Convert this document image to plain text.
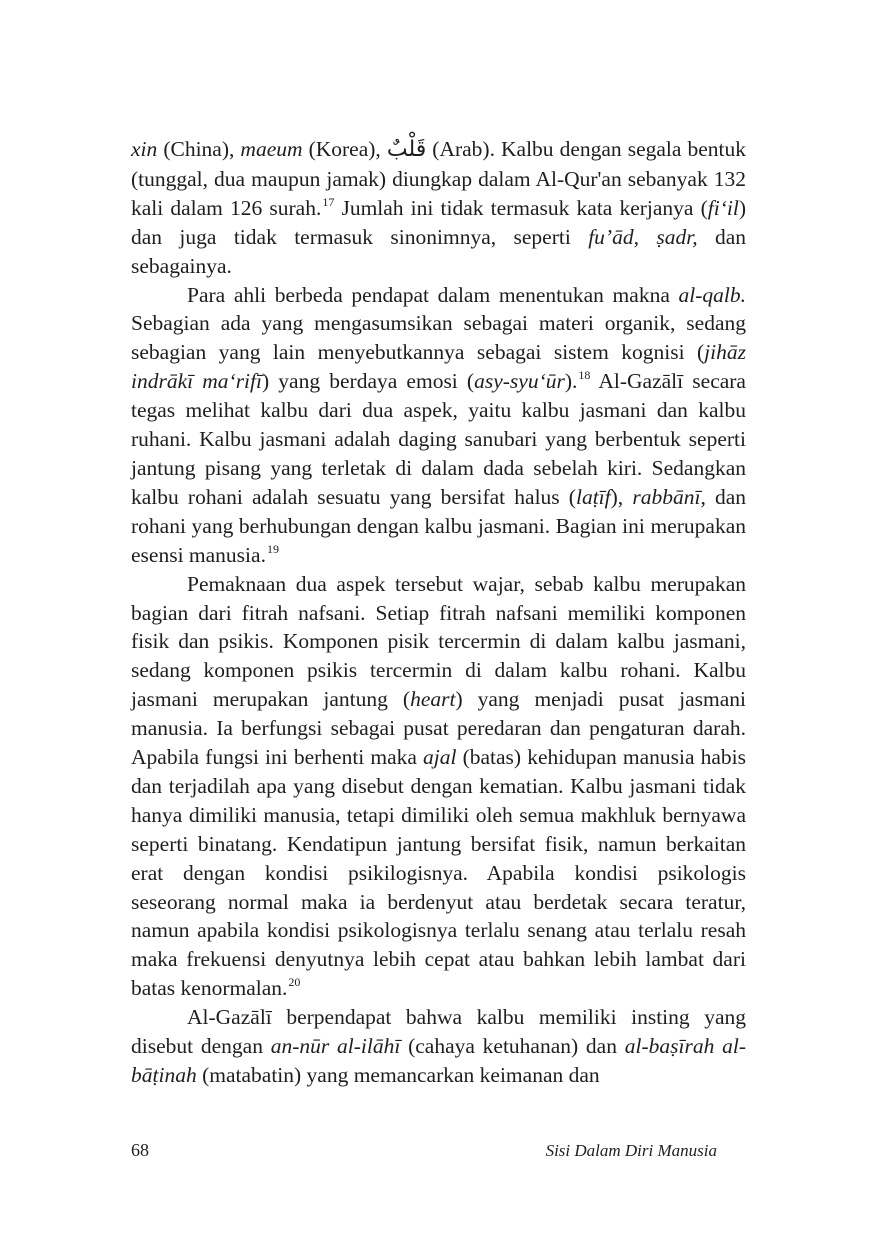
xin (China), maeum (Korea), قَلْبٌ (Arab). Kalbu dengan segala bentuk (tunggal, dua maupun jamak) diungkap dalam Al-Qur'an sebanyak 132 kali dalam 126 surah.$^{17}$ Jumlah ini tidak termasuk kata kerjanya (fi‘il) dan juga tidak termasuk sinonimnya, seperti fu’ād, ṣadr, dan sebagainya.

Para ahli berbeda pendapat dalam menentukan makna al-qalb. Sebagian ada yang mengasumsikan sebagai materi organik, sedang sebagian yang lain menyebutkannya sebagai sistem kognisi (jihāz indrākī ma‘rifī) yang berdaya emosi (asy-syu‘ūr).$^{18}$ Al-Gazālī secara tegas melihat kalbu dari dua aspek, yaitu kalbu jasmani dan kalbu ruhani. Kalbu jasmani adalah daging sanubari yang berbentuk seperti jantung pisang yang terletak di dalam dada sebelah kiri. Sedangkan kalbu rohani adalah sesuatu yang bersifat halus (laṭīf), rabbānī, dan rohani yang berhubungan dengan kalbu jasmani. Bagian ini merupakan esensi manusia.$^{19}$

Pemaknaan dua aspek tersebut wajar, sebab kalbu merupakan bagian dari fitrah nafsani. Setiap fitrah nafsani memiliki komponen fisik dan psikis. Komponen pisik tercermin di dalam kalbu jasmani, sedang komponen psikis tercermin di dalam kalbu rohani. Kalbu jasmani merupakan jantung (heart) yang menjadi pusat jasmani manusia. Ia berfungsi sebagai pusat peredaran dan pengaturan darah. Apabila fungsi ini berhenti maka ajal (batas) kehidupan manusia habis dan terjadilah apa yang disebut dengan kematian. Kalbu jasmani tidak hanya dimiliki manusia, tetapi dimiliki oleh semua makhluk bernyawa seperti binatang. Kendatipun jantung bersifat fisik, namun berkaitan erat dengan kondisi psikilogisnya. Apabila kondisi psikologis seseorang normal maka ia berdenyut atau berdetak secara teratur, namun apabila kondisi psikologisnya terlalu senang atau terlalu resah maka frekuensi denyutnya lebih cepat atau bahkan lebih lambat dari batas kenormalan.$^{20}$

Al-Gazālī berpendapat bahwa kalbu memiliki insting yang disebut dengan an-nūr al-ilāhī (cahaya ketuhanan) dan al-baṣīrah al-bāṭinah (matabatin) yang memancarkan keimanan dan

68	Sisi Dalam Diri Manusia
